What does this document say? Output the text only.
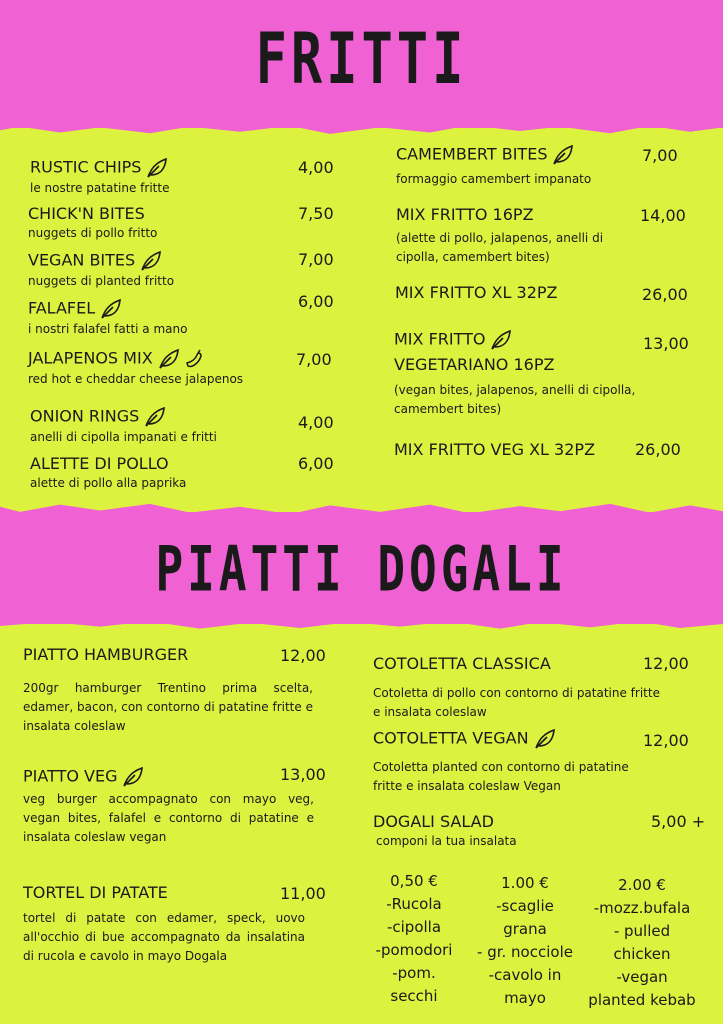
FRITTI
PIATTI DOGALI
RUSTIC CHIPS
le nostre patatine fritte
4,00
CHICK'N BITES
nuggets di pollo fritto
7,50
VEGAN BITES
nuggets di planted fritto
7,00
FALAFEL
i nostri falafel fatti a mano
6,00
JALAPENOS MIX
red hot e cheddar cheese jalapenos
7,00
ONION RINGS
anelli di cipolla impanati e fritti
4,00
ALETTE DI POLLO
alette di pollo alla paprika
6,00
CAMEMBERT BITES
formaggio camembert impanato
7,00
MIX FRITTO 16PZ
(alette di pollo, jalapenos, anelli di cipolla, camembert bites)
14,00
MIX FRITTO XL 32PZ	26,00
MIX FRITTO
VEGETARIANO 16PZ
(vegan bites, jalapenos, anelli di cipolla, camembert bites)
13,00
MIX FRITTO VEG XL 32PZ 26,00
PIATTO HAMBURGER
200gr hamburger Trentino prima scelta, edamer, bacon, con contorno di patatine fritte e insalata coleslaw
12,00
PIATTO VEG
veg burger accompagnato con mayo veg, vegan bites, falafel e contorno di patatine e insalata coleslaw vegan
13,00
TORTEL DI PATATE
tortel di patate con edamer, speck, uovo all'occhio di bue accompagnato da insalatina di rucola e cavolo in mayo Dogala
11,00
COTOLETTA CLASSICA
Cotoletta di pollo con contorno di patatine fritte e insalata coleslaw
12,00
COTOLETTA VEGAN
Cotoletta planted con contorno di patatine fritte e insalata coleslaw Vegan
12,00
DOGALI SALAD
componi la tua insalata
5,00 +
0,50 €
-Rucola
-cipolla
-pomodori
-pom.
secchi
1.00 €
-scaglie
grana
- gr. nocciole
-cavolo in
mayo
2.00 €
-mozz.bufala
- pulled
chicken
-vegan
planted kebab
